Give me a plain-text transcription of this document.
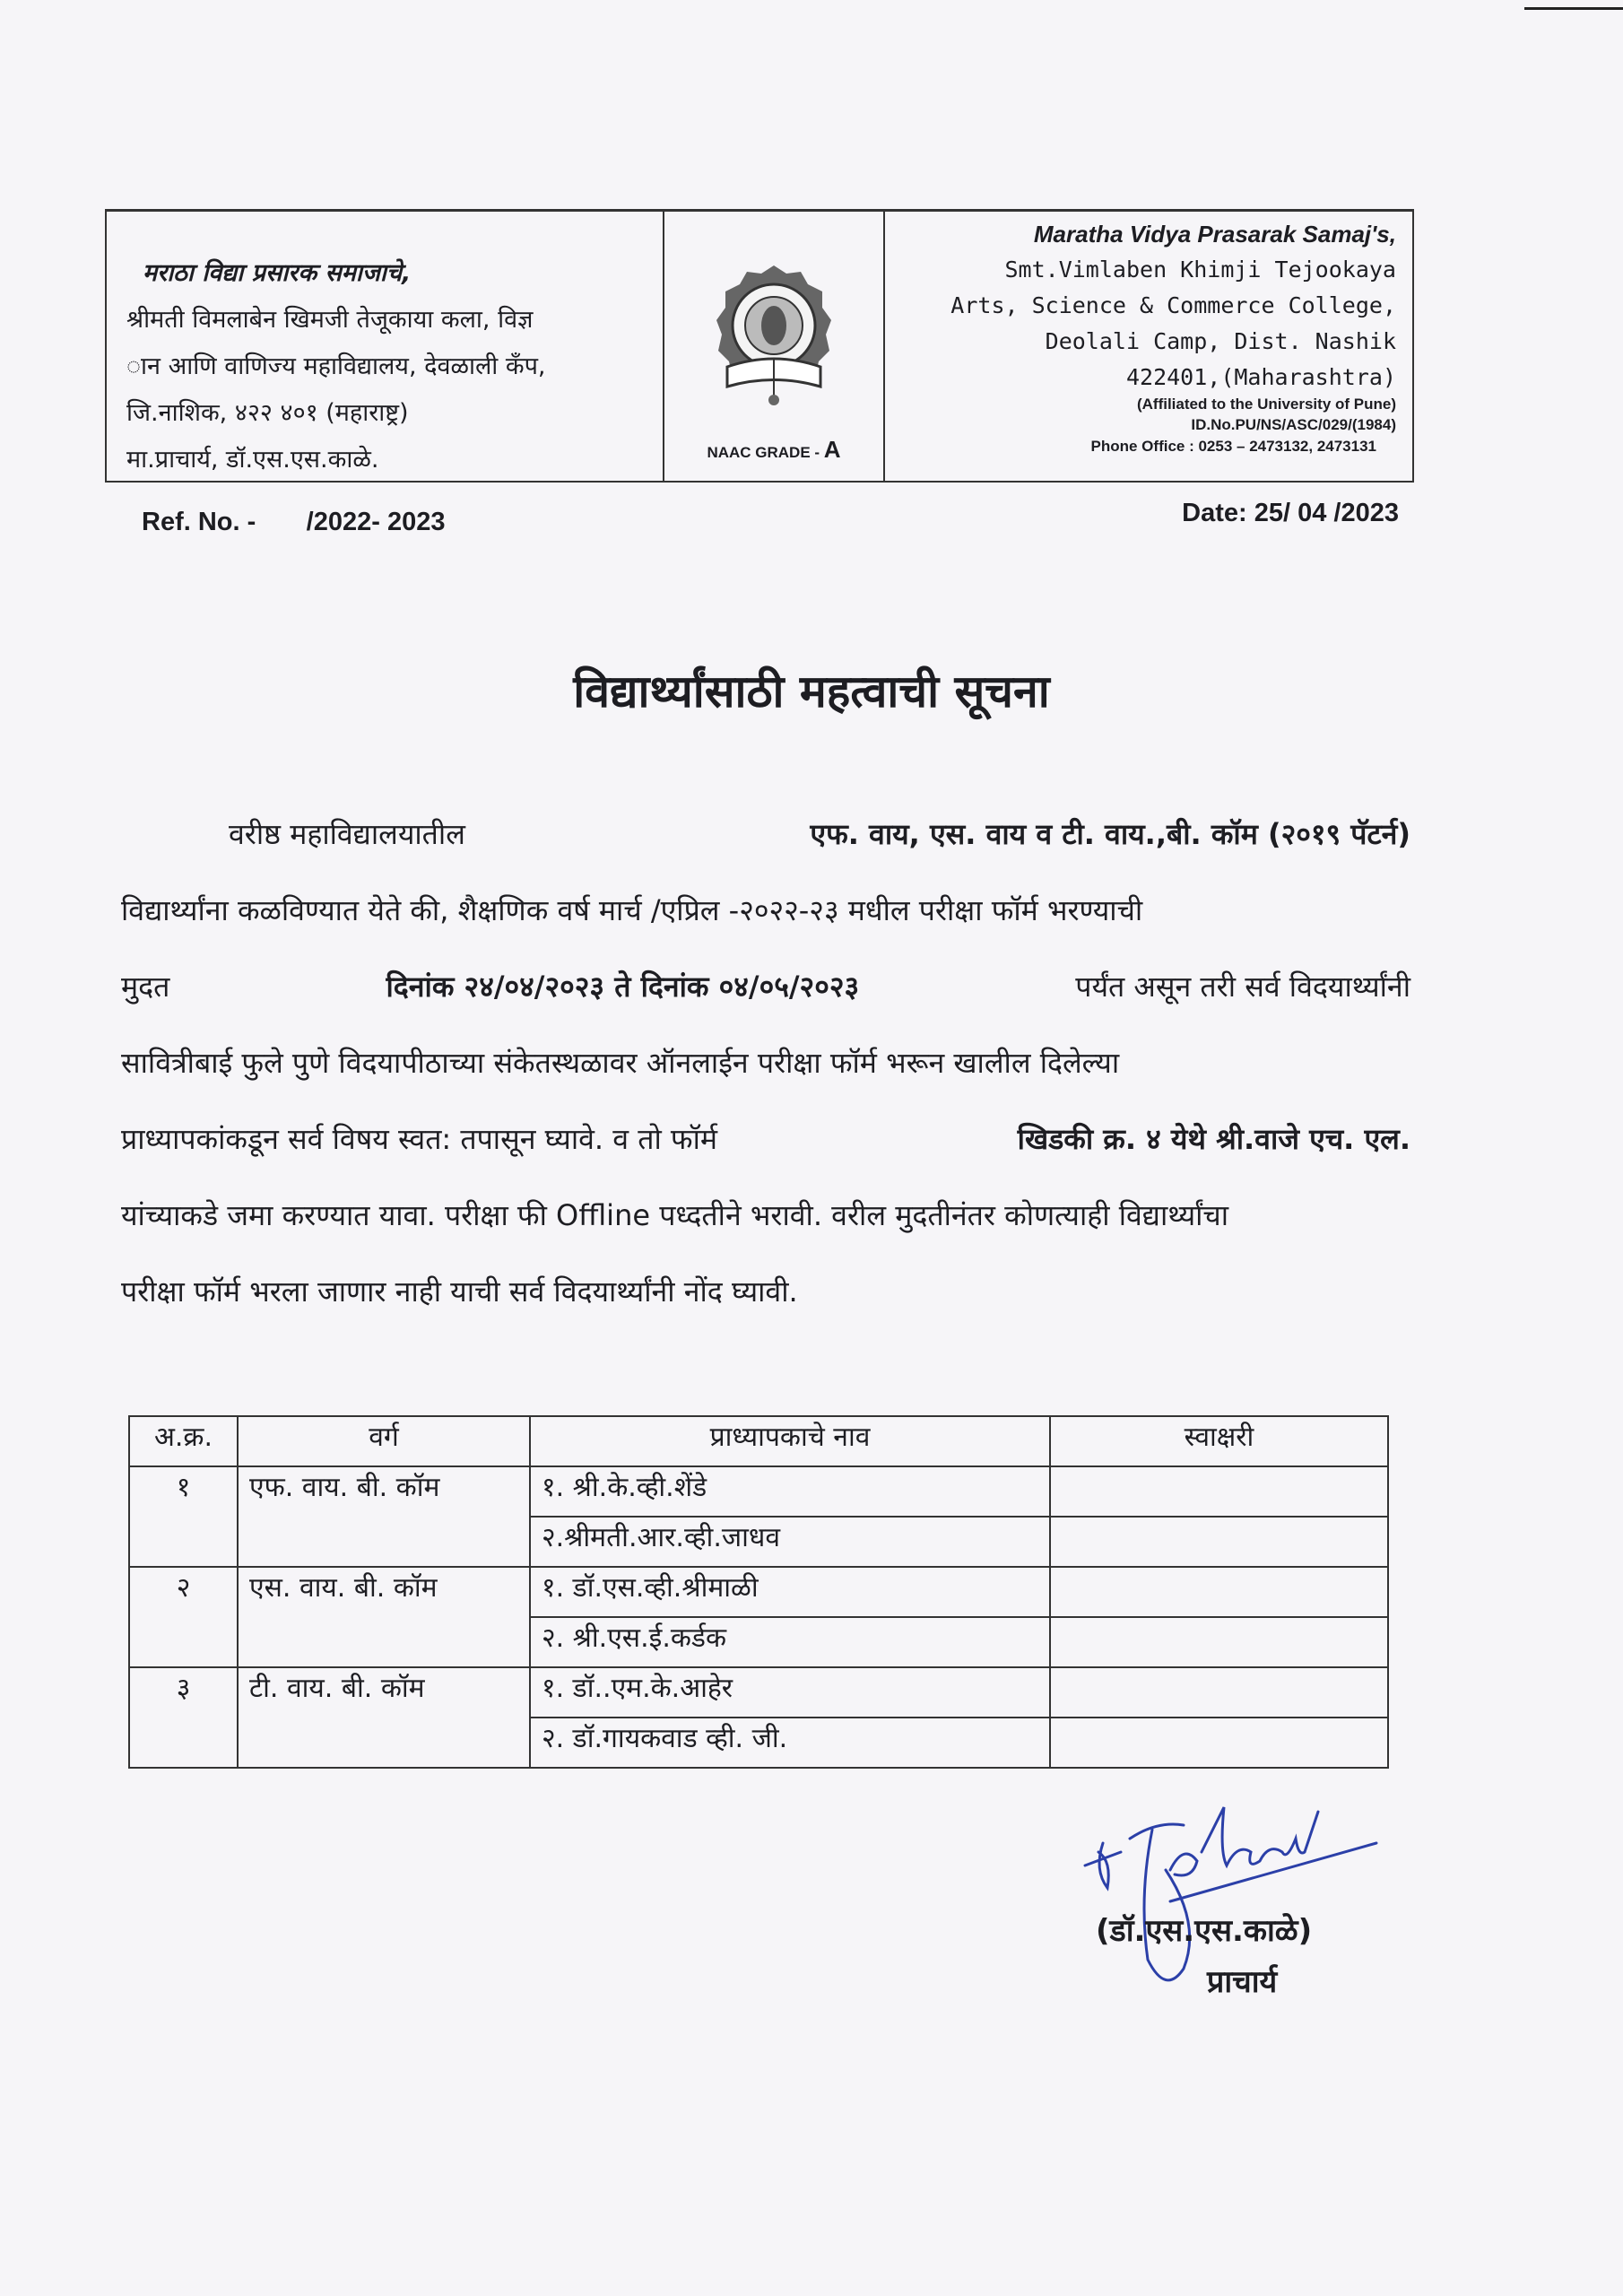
मराठा विद्या प्रसारक समाजाचे,
श्रीमती विमलाबेन खिमजी तेजूकाया कला, विज्ञ
ान आणि वाणिज्य महाविद्यालय, देवळाली कॅंप,
जि.नाशिक, ४२२ ४०१ (महाराष्ट्र)
मा.प्राचार्य, डॉ.एस.एस.काळे.	NAAC GRADE - A
Maratha Vidya Prasarak Samaj's,
Smt.Vimlaben Khimji Tejookaya
Arts, Science & Commerce College,
Deolali Camp, Dist. Nashik
422401,(Maharashtra)
(Affiliated to the University of Pune)
ID.No.PU/NS/ASC/029/(1984)
Phone Office : 0253 – 2473132, 2473131
Ref. No. -       /2022- 2023	Date: 25/ 04 /2023
विद्यार्थ्यांसाठी महत्वाची सूचना
वरीष्ठ महाविद्यालयातील	एफ. वाय, एस. वाय व टी. वाय.,बी. कॉम (२०१९ पॅटर्न)
विद्यार्थ्यांना कळविण्यात येते की, शैक्षणिक वर्ष मार्च /एप्रिल -२०२२-२३ मधील परीक्षा फॉर्म भरण्याची
मुदत	दिनांक २४/०४/२०२३ ते दिनांक ०४/०५/२०२३	पर्यंत असून तरी सर्व विदयार्थ्यांनी
सावित्रीबाई फुले पुणे विदयापीठाच्या संकेतस्थळावर ऑनलाईन परीक्षा फॉर्म भरून खालील दिलेल्या
प्राध्यापकांकडून सर्व विषय स्वत: तपासून घ्यावे. व तो फॉर्म	खिडकी क्र. ४ येथे श्री.वाजे एच. एल.
यांच्याकडे जमा करण्यात यावा. परीक्षा फी Offline पध्दतीने भरावी. वरील मुदतीनंतर कोणत्याही विद्यार्थ्यांचा
परीक्षा फॉर्म भरला जाणार नाही याची सर्व विदयार्थ्यांनी नोंद घ्यावी.
अ.क्र.	वर्ग	प्राध्यापकाचे नाव	स्वाक्षरी
१	एफ. वाय. बी. कॉम	१. श्री.के.व्ही.शेंडे	
		२.श्रीमती.आर.व्ही.जाधव	
२	एस. वाय. बी. कॉम	१. डॉ.एस.व्ही.श्रीमाळी	
		२. श्री.एस.ई.कर्डक	
३	टी. वाय. बी. कॉम	१. डॉ..एम.के.आहेर	
		२. डॉ.गायकवाड व्ही. जी.	
(डॉ.एस.एस.काळे)
प्राचार्य
